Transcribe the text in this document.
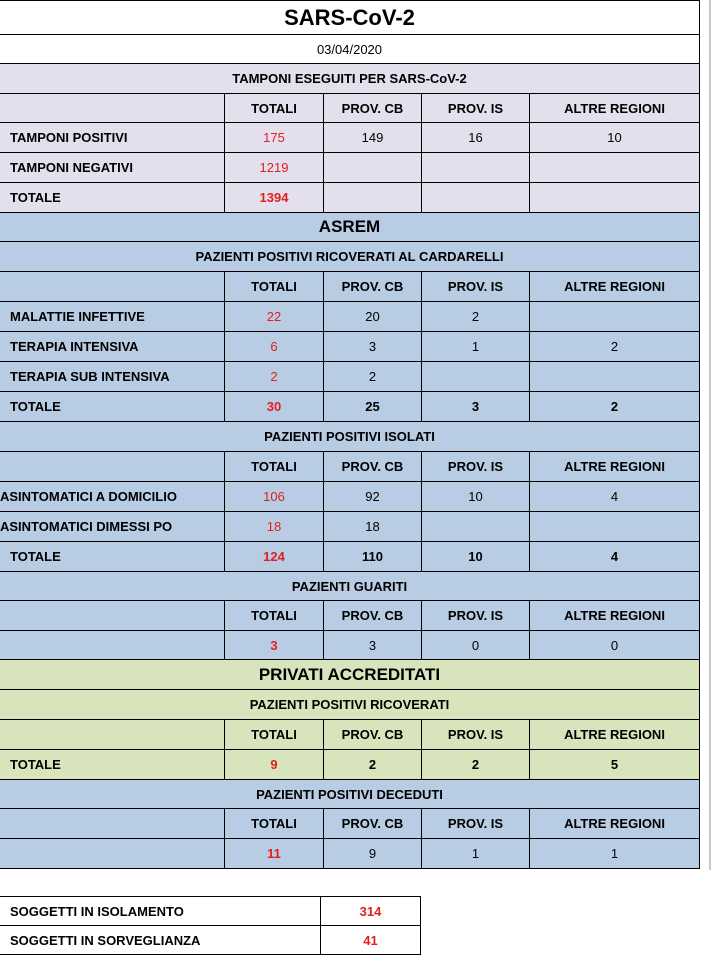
SARS-CoV-2
03/04/2020
TAMPONI ESEGUITI PER SARS-CoV-2
TOTALI	PROV. CB	PROV. IS	ALTRE REGIONI
TAMPONI POSITIVI	175	149	16	10
TAMPONI NEGATIVI	1219
TOTALE	1394
ASREM
PAZIENTI POSITIVI RICOVERATI AL CARDARELLI
TOTALI	PROV. CB	PROV. IS	ALTRE REGIONI
MALATTIE INFETTIVE	22	20	2
TERAPIA INTENSIVA	6	3	1	2
TERAPIA SUB INTENSIVA	2	2
TOTALE	30	25	3	2
PAZIENTI POSITIVI ISOLATI
TOTALI	PROV. CB	PROV. IS	ALTRE REGIONI
ASINTOMATICI A DOMICILIO	106	92	10	4
ASINTOMATICI DIMESSI PO	18	18
TOTALE	124	110	10	4
PAZIENTI GUARITI
TOTALI	PROV. CB	PROV. IS	ALTRE REGIONI
3	3	0	0
PRIVATI ACCREDITATI
PAZIENTI POSITIVI RICOVERATI
TOTALI	PROV. CB	PROV. IS	ALTRE REGIONI
TOTALE	9	2	2	5
PAZIENTI POSITIVI DECEDUTI
TOTALI	PROV. CB	PROV. IS	ALTRE REGIONI
11	9	1	1
SOGGETTI IN ISOLAMENTO	314
SOGGETTI IN SORVEGLIANZA	41
